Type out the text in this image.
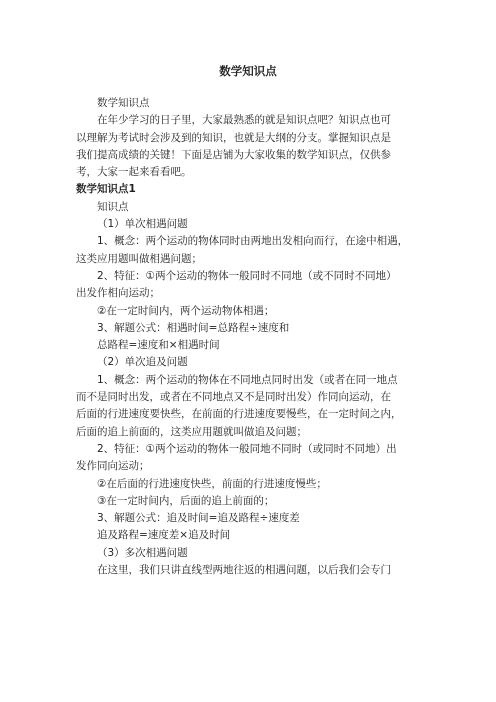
数学知识点

数学知识点

在年少学习的日子里，大家最熟悉的就是知识点吧？知识点也可

以理解为考试时会涉及到的知识，也就是大纲的分支。掌握知识点是

我们提高成绩的关键！下面是店铺为大家收集的数学知识点，仅供参

考，大家一起来看看吧。

数学知识点1

知识点

（1）单次相遇问题

1、概念：两个运动的物体同时由两地出发相向而行，在途中相遇，

这类应用题叫做相遇问题；

2、特征：①两个运动的物体一般同时不同地（或不同时不同地）

出发作相向运动；

②在一定时间内，两个运动物体相遇；

3、解题公式：相遇时间=总路程÷速度和

总路程=速度和×相遇时间

（2）单次追及问题

1、概念：两个运动的物体在不同地点同时出发（或者在同一地点

而不是同时出发，或者在不同地点又不是同时出发）作同向运动，在

后面的行进速度要快些，在前面的行进速度要慢些，在一定时间之内，

后面的追上前面的，这类应用题就叫做追及问题；

2、特征：①两个运动的物体一般同地不同时（或同时不同地）出

发作同向运动；

②在后面的行进速度快些，前面的行进速度慢些；

③在一定时间内，后面的追上前面的；

3、解题公式：追及时间=追及路程÷速度差

追及路程=速度差×追及时间

（3）多次相遇问题

在这里，我们只讲直线型两地往返的相遇问题，以后我们会专门
